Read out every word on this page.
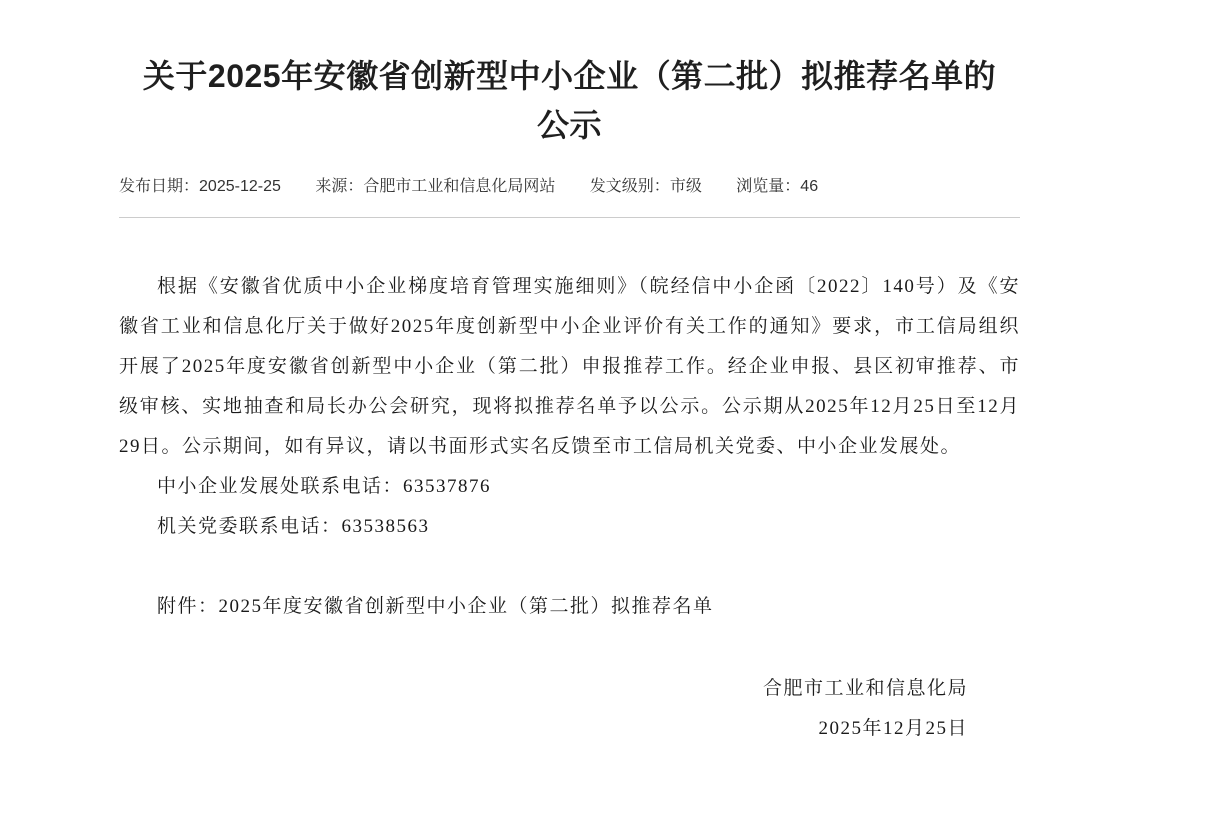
关于2025年安徽省创新型中小企业（第二批）拟推荐名单的
公示
发布日期：2025-12-25 来源：合肥市工业和信息化局网站 发文级别：市级 浏览量：46

根据《安徽省优质中小企业梯度培育管理实施细则》（皖经信中小企函〔2022〕140号）及《安徽省工业和信息化厅关于做好2025年度创新型中小企业评价有关工作的通知》要求，市工信局组织开展了2025年度安徽省创新型中小企业（第二批）申报推荐工作。经企业申报、县区初审推荐、市级审核、实地抽查和局长办公会研究，现将拟推荐名单予以公示。公示期从2025年12月25日至12月29日。公示期间，如有异议，请以书面形式实名反馈至市工信局机关党委、中小企业发展处。

中小企业发展处联系电话：63537876

机关党委联系电话：63538563

附件：2025年度安徽省创新型中小企业（第二批）拟推荐名单

合肥市工业和信息化局
2025年12月25日
